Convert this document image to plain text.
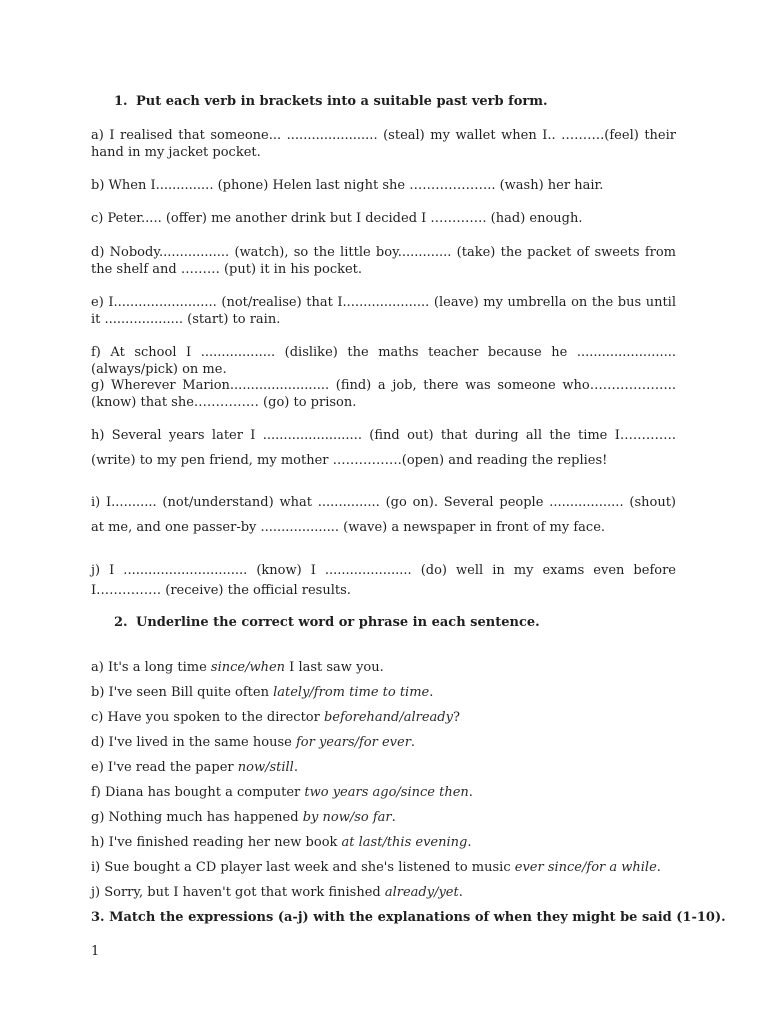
1. Put each verb in brackets into a suitable past verb form.

a) I realised that someone... ...................... (steal) my wallet when I.. ……….(feel) their hand in my jacket pocket.

b) When I.............. (phone) Helen last night she ……………….. (wash) her hair.

c) Peter..... (offer) me another drink but I decided I …………. (had) enough.

d) Nobody................. (watch), so the little boy............. (take) the packet of sweets from the shelf and ……… (put) it in his pocket.

e) I......................... (not/realise) that I..................... (leave) my umbrella on the bus until it ................... (start) to rain.

f) At school I .................. (dislike) the maths teacher because he ........................ (always/pick) on me.

g) Wherever Marion........................ (find) a job, there was someone who……………….. (know) that she…………… (go) to prison.

h) Several years later I ........................ (find out) that during all the time I…………. (write) to my pen friend, my mother …………….(open) and reading the replies!

i) I........... (not/understand) what ............... (go on). Several people .................. (shout) at me, and one passer-by ................... (wave) a newspaper in front of my face.

j) I .............................. (know) I ..................... (do) well in my exams even before I…………… (receive) the official results.

2. Underline the correct word or phrase in each sentence.

a) It's a long time since/when I last saw you.

b) I've seen Bill quite often lately/from time to time.

c) Have you spoken to the director beforehand/already?

d) I've lived in the same house for years/for ever.

e) I've read the paper now/still.

f) Diana has bought a computer two years ago/since then.

g) Nothing much has happened by now/so far.

h) I've finished reading her new book at last/this evening.

i) Sue bought a CD player last week and she's listened to music ever since/for a while.

j) Sorry, but I haven't got that work finished already/yet.

3. Match the expressions (a-j) with the explanations of when they might be said (1-10).

1
